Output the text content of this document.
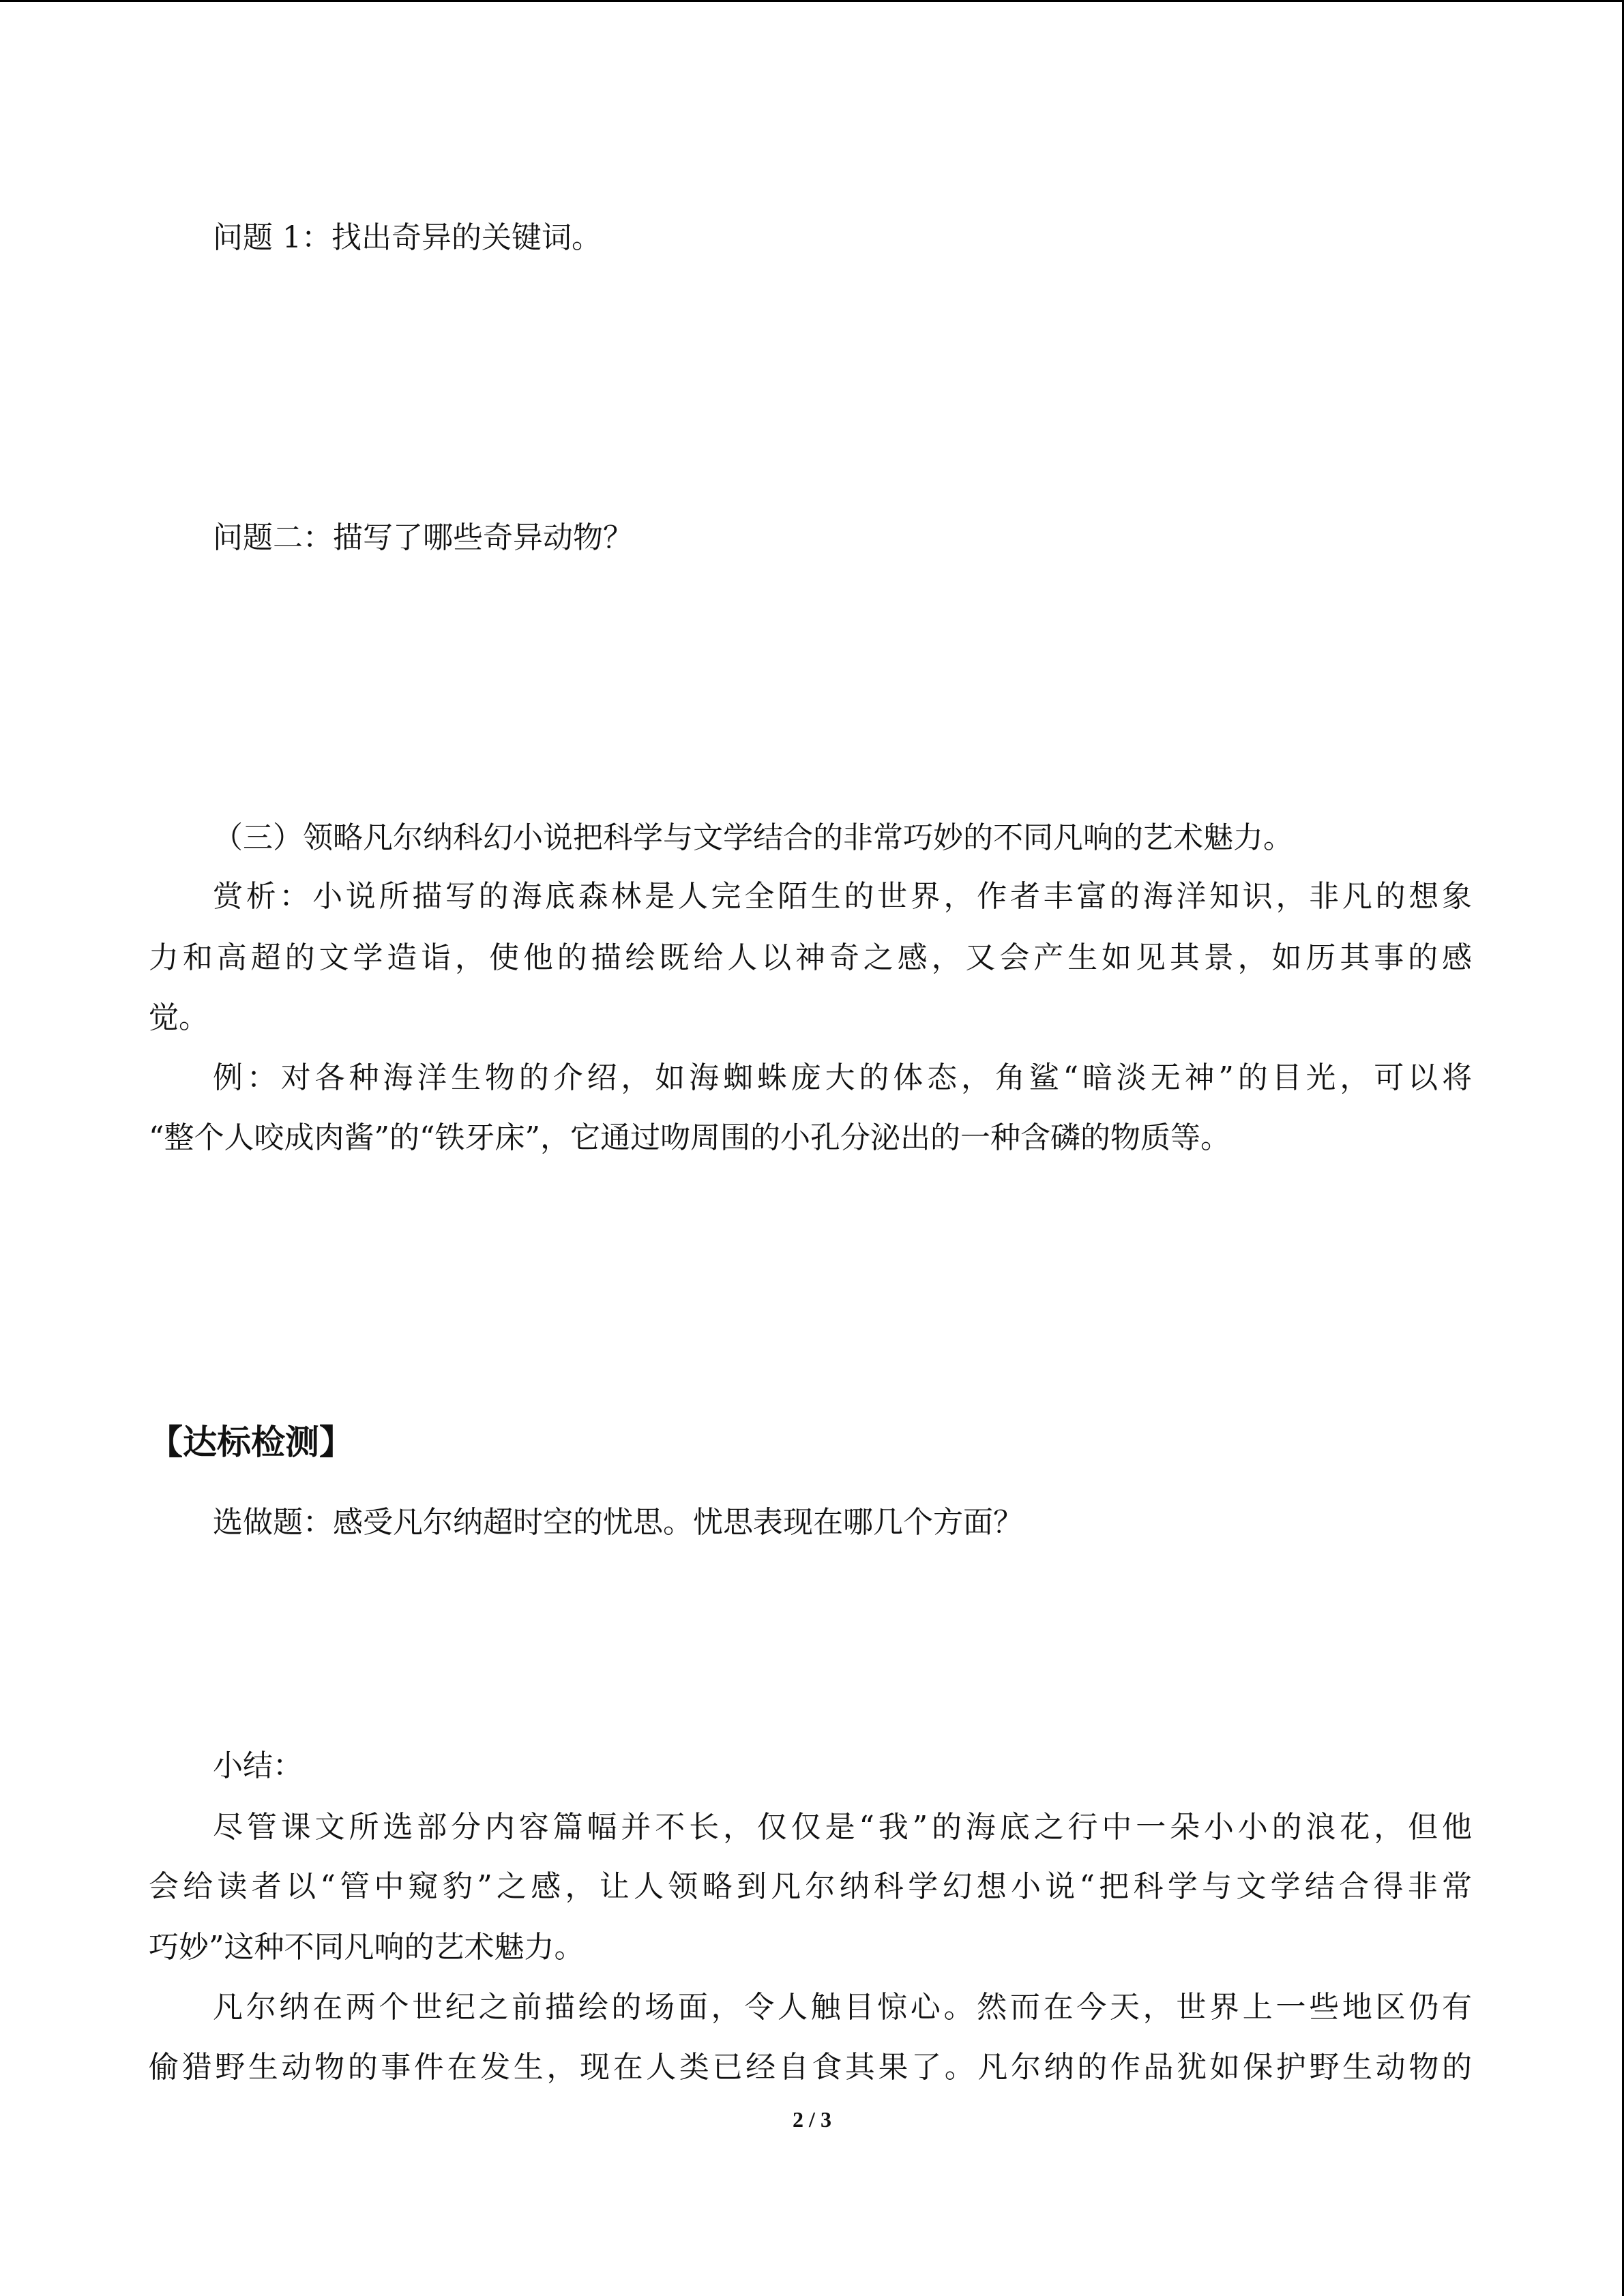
问题 1：找出奇异的关键词。
问题二：描写了哪些奇异动物？
（三）领略凡尔纳科幻小说把科学与文学结合的非常巧妙的不同凡响的艺术魅力。
赏析：小说所描写的海底森林是人完全陌生的世界，作者丰富的海洋知识，非凡的想象
力和高超的文学造诣，使他的描绘既给人以神奇之感，又会产生如见其景，如历其事的感
觉。
例：对各种海洋生物的介绍，如海蜘蛛庞大的体态，角鲨“暗淡无神”的目光，可以将
“整个人咬成肉酱”的“铁牙床”，它通过吻周围的小孔分泌出的一种含磷的物质等。
【达标检测】
选做题：感受凡尔纳超时空的忧思。忧思表现在哪几个方面？
小结：
尽管课文所选部分内容篇幅并不长，仅仅是“我”的海底之行中一朵小小的浪花，但他
会给读者以“管中窥豹”之感，让人领略到凡尔纳科学幻想小说“把科学与文学结合得非常
巧妙”这种不同凡响的艺术魅力。
凡尔纳在两个世纪之前描绘的场面，令人触目惊心。然而在今天，世界上一些地区仍有
偷猎野生动物的事件在发生，现在人类已经自食其果了。凡尔纳的作品犹如保护野生动物的
2 / 3
